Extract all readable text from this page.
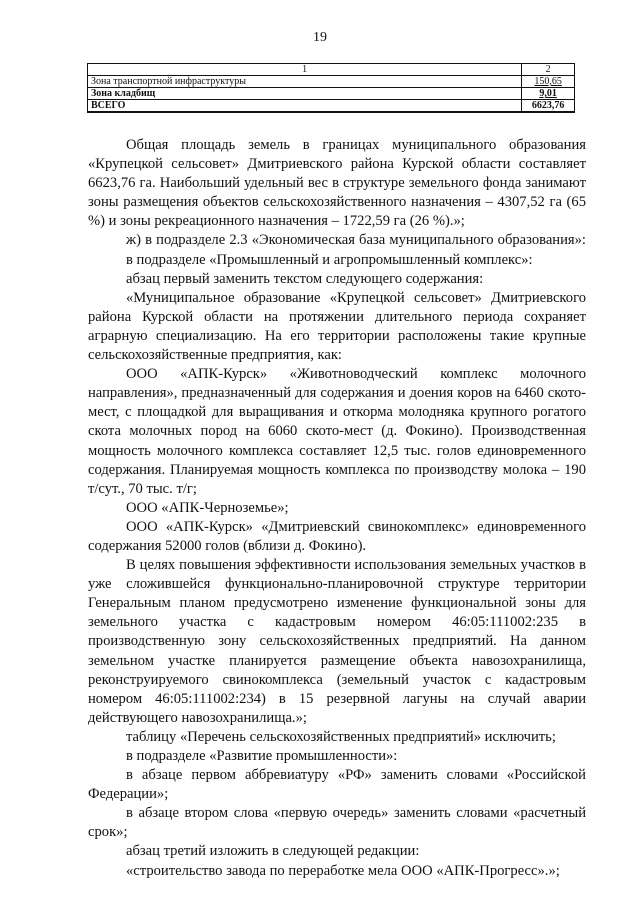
19
1	2
Зона транспортной инфраструктуры	150,65
Зона кладбищ	9,01
ВСЕГО	6623,76

Общая площадь земель в границах муниципального образования «Крупецкой сельсовет» Дмитриевского района Курской области составляет 6623,76 га. Наибольший удельный вес в структуре земельного фонда занимают зоны размещения объектов сельскохозяйственного назначения – 4307,52 га (65 %) и зоны рекреационного назначения – 1722,59 га (26 %).»;

ж) в подразделе 2.3 «Экономическая база муниципального образования»:

в подразделе «Промышленный и агропромышленный комплекс»:

абзац первый заменить текстом следующего содержания:

«Муниципальное образование «Крупецкой сельсовет» Дмитриевского района Курской области на протяжении длительного периода сохраняет аграрную специализацию. На его территории расположены такие крупные сельскохозяйственные предприятия, как:

ООО «АПК-Курск» «Животноводческий комплекс молочного направления», предназначенный для содержания и доения коров на 6460 ското-мест, с площадкой для выращивания и откорма молодняка крупного рогатого скота молочных пород на 6060 ското-мест (д. Фокино). Производственная мощность молочного комплекса составляет 12,5 тыс. голов единовременного содержания. Планируемая мощность комплекса по производству молока – 190 т/сут., 70 тыс. т/г;

ООО «АПК-Черноземье»;

ООО «АПК-Курск» «Дмитриевский свинокомплекс» единовременного содержания 52000 голов (вблизи д. Фокино).

В целях повышения эффективности использования земельных участков в уже сложившейся функционально-планировочной структуре территории Генеральным планом предусмотрено изменение функциональной зоны для земельного участка с кадастровым номером 46:05:111002:235 в производственную зону сельскохозяйственных предприятий. На данном земельном участке планируется размещение объекта навозохранилища, реконструируемого свинокомплекса (земельный участок с кадастровым номером 46:05:111002:234) в 15 резервной лагуны на случай аварии действующего навозохранилища.»;

таблицу «Перечень сельскохозяйственных предприятий» исключить;

в подразделе «Развитие промышленности»:

в абзаце первом аббревиатуру «РФ» заменить словами «Российской Федерации»;

в абзаце втором слова «первую очередь» заменить словами «расчетный срок»;

абзац третий изложить в следующей редакции:

«строительство завода по переработке мела ООО «АПК-Прогресс».»;
